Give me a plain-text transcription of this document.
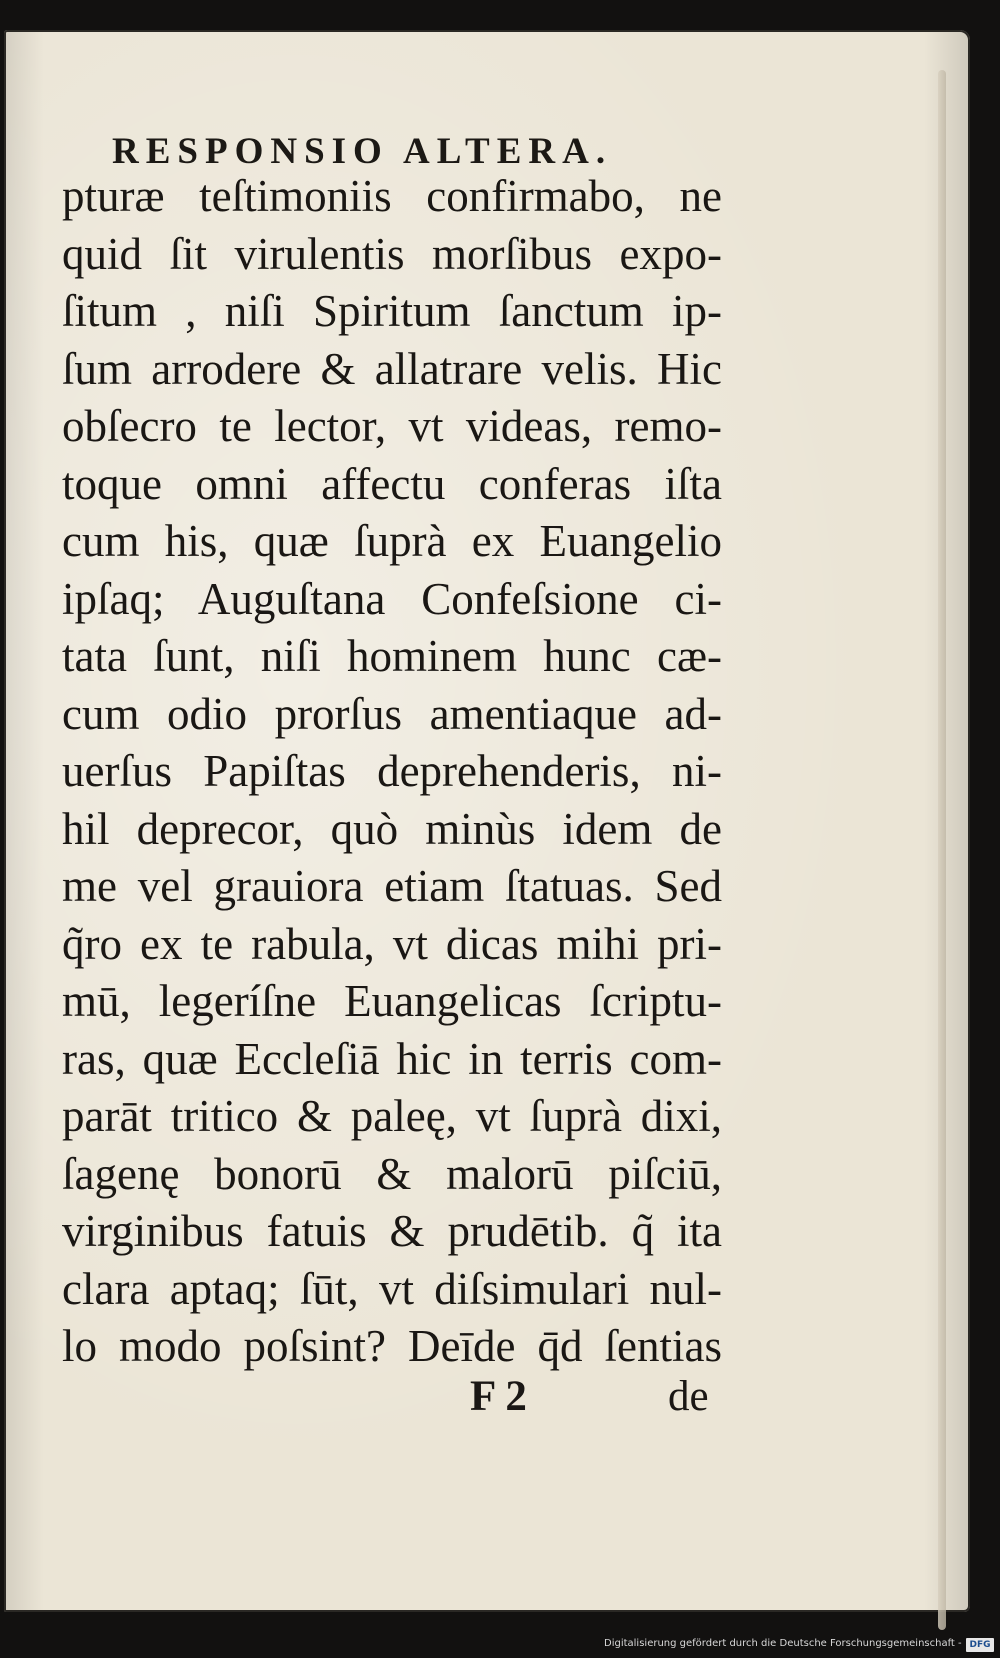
RESPONSIO ALTERA.
pturæ teſtimoniis confirmabo, ne
quid ſit virulentis morſibus expo-
ſitum , niſi Spiritum ſanctum ip-
ſum arrodere & allatrare velis. Hic
obſecro te lector, vt videas, remo-
toque omni affectu conferas iſta
cum his, quæ ſuprà ex Euangelio
ipſaq; Auguſtana Confeſsione ci-
tata ſunt, niſi hominem hunc cæ-
cum odio prorſus amentiaque ad-
uerſus Papiſtas deprehenderis, ni-
hil deprecor, quò minùs idem de
me vel grauiora etiam ſtatuas. Sed
q̃ro ex te rabula, vt dicas mihi pri-
mū, legeríſne Euangelicas ſcriptu-
ras, quæ Eccleſiā hic in terris com-
parāt tritico & paleę, vt ſuprà dixi,
ſagenę bonorū & malorū piſciū,
virginibus fatuis & prudētib. q̃ ita
clara aptaq; ſūt, vt diſsimulari nul-
lo modo poſsint? Deīde q̄d ſentias
F 2	de
Digitalisierung gefördert durch die Deutsche Forschungsgemeinschaft - DFG
